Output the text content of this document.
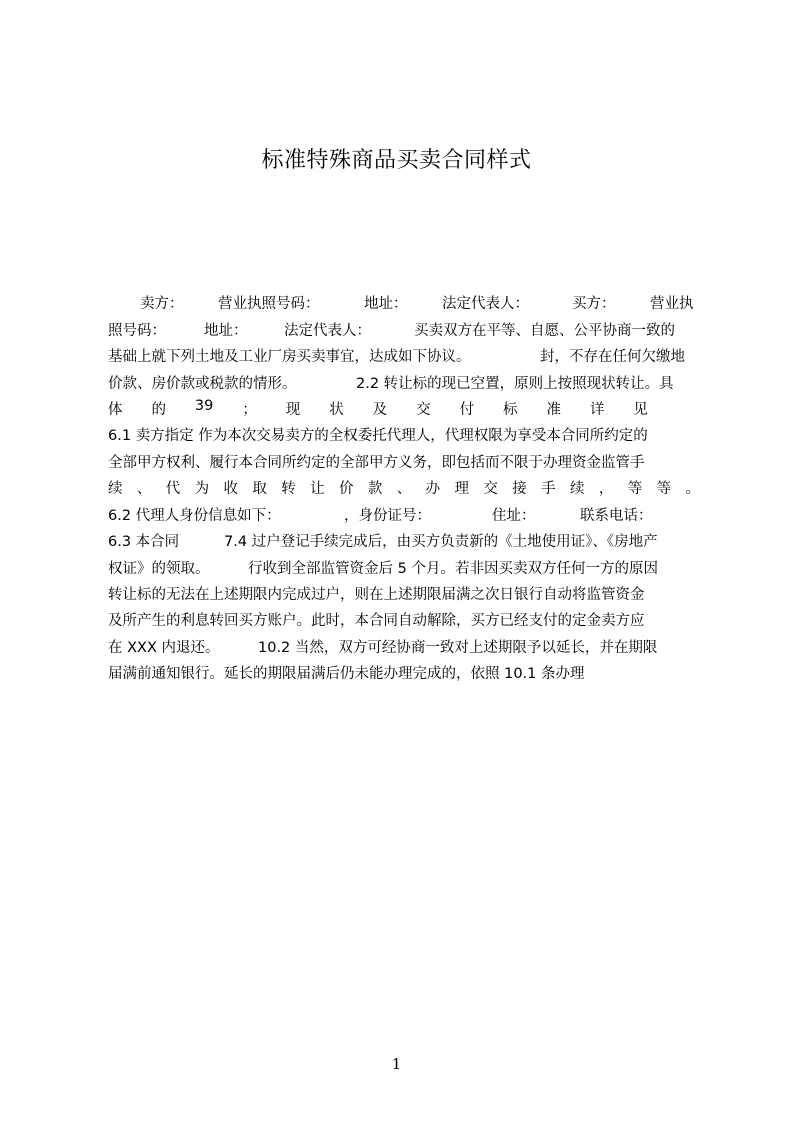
标准特殊商品买卖合同样式
卖方： 营业执照号码：	地址： 法定代表人：	买方： 营业执
照号码：	地址：	法定代表人：	买卖双方在平等、自愿、公平协商一致的
基础上就下列土地及工业厂房买卖事宜，达成如下协议。	封，不存在任何欠缴地
价款、房价款或税款的情形。	2.2 转让标的现已空置，原则上按照现状转让。具
体 的 39 ； 现 状 及 交 付 标 准 详 见
6.1 卖方指定 作为本次交易卖方的全权委托代理人，代理权限为享受本合同所约定的
全部甲方权利、履行本合同所约定的全部甲方义务，即包括而不限于办理资金监管手
续 、 代 为 收 取 转 让 价 款 、 办 理 交 接 手 续 ， 等 等 。
6.2 代理人身份信息如下：	，身份证号：	住址：	联系电话：
6.3 本合同	7.4 过户登记手续完成后，由买方负责新的《土地使用证》、《房地产
权证》的领取。	行收到全部监管资金后 5 个月。若非因买卖双方任何一方的原因
转让标的无法在上述期限内完成过户，则在上述期限届满之次日银行自动将监管资金
及所产生的利息转回买方账户。此时，本合同自动解除，买方已经支付的定金卖方应
在 XXX 内退还。	10.2 当然，双方可经协商一致对上述期限予以延长，并在期限
届满前通知银行。延长的期限届满后仍未能办理完成的，依照 10.1 条办理
1
